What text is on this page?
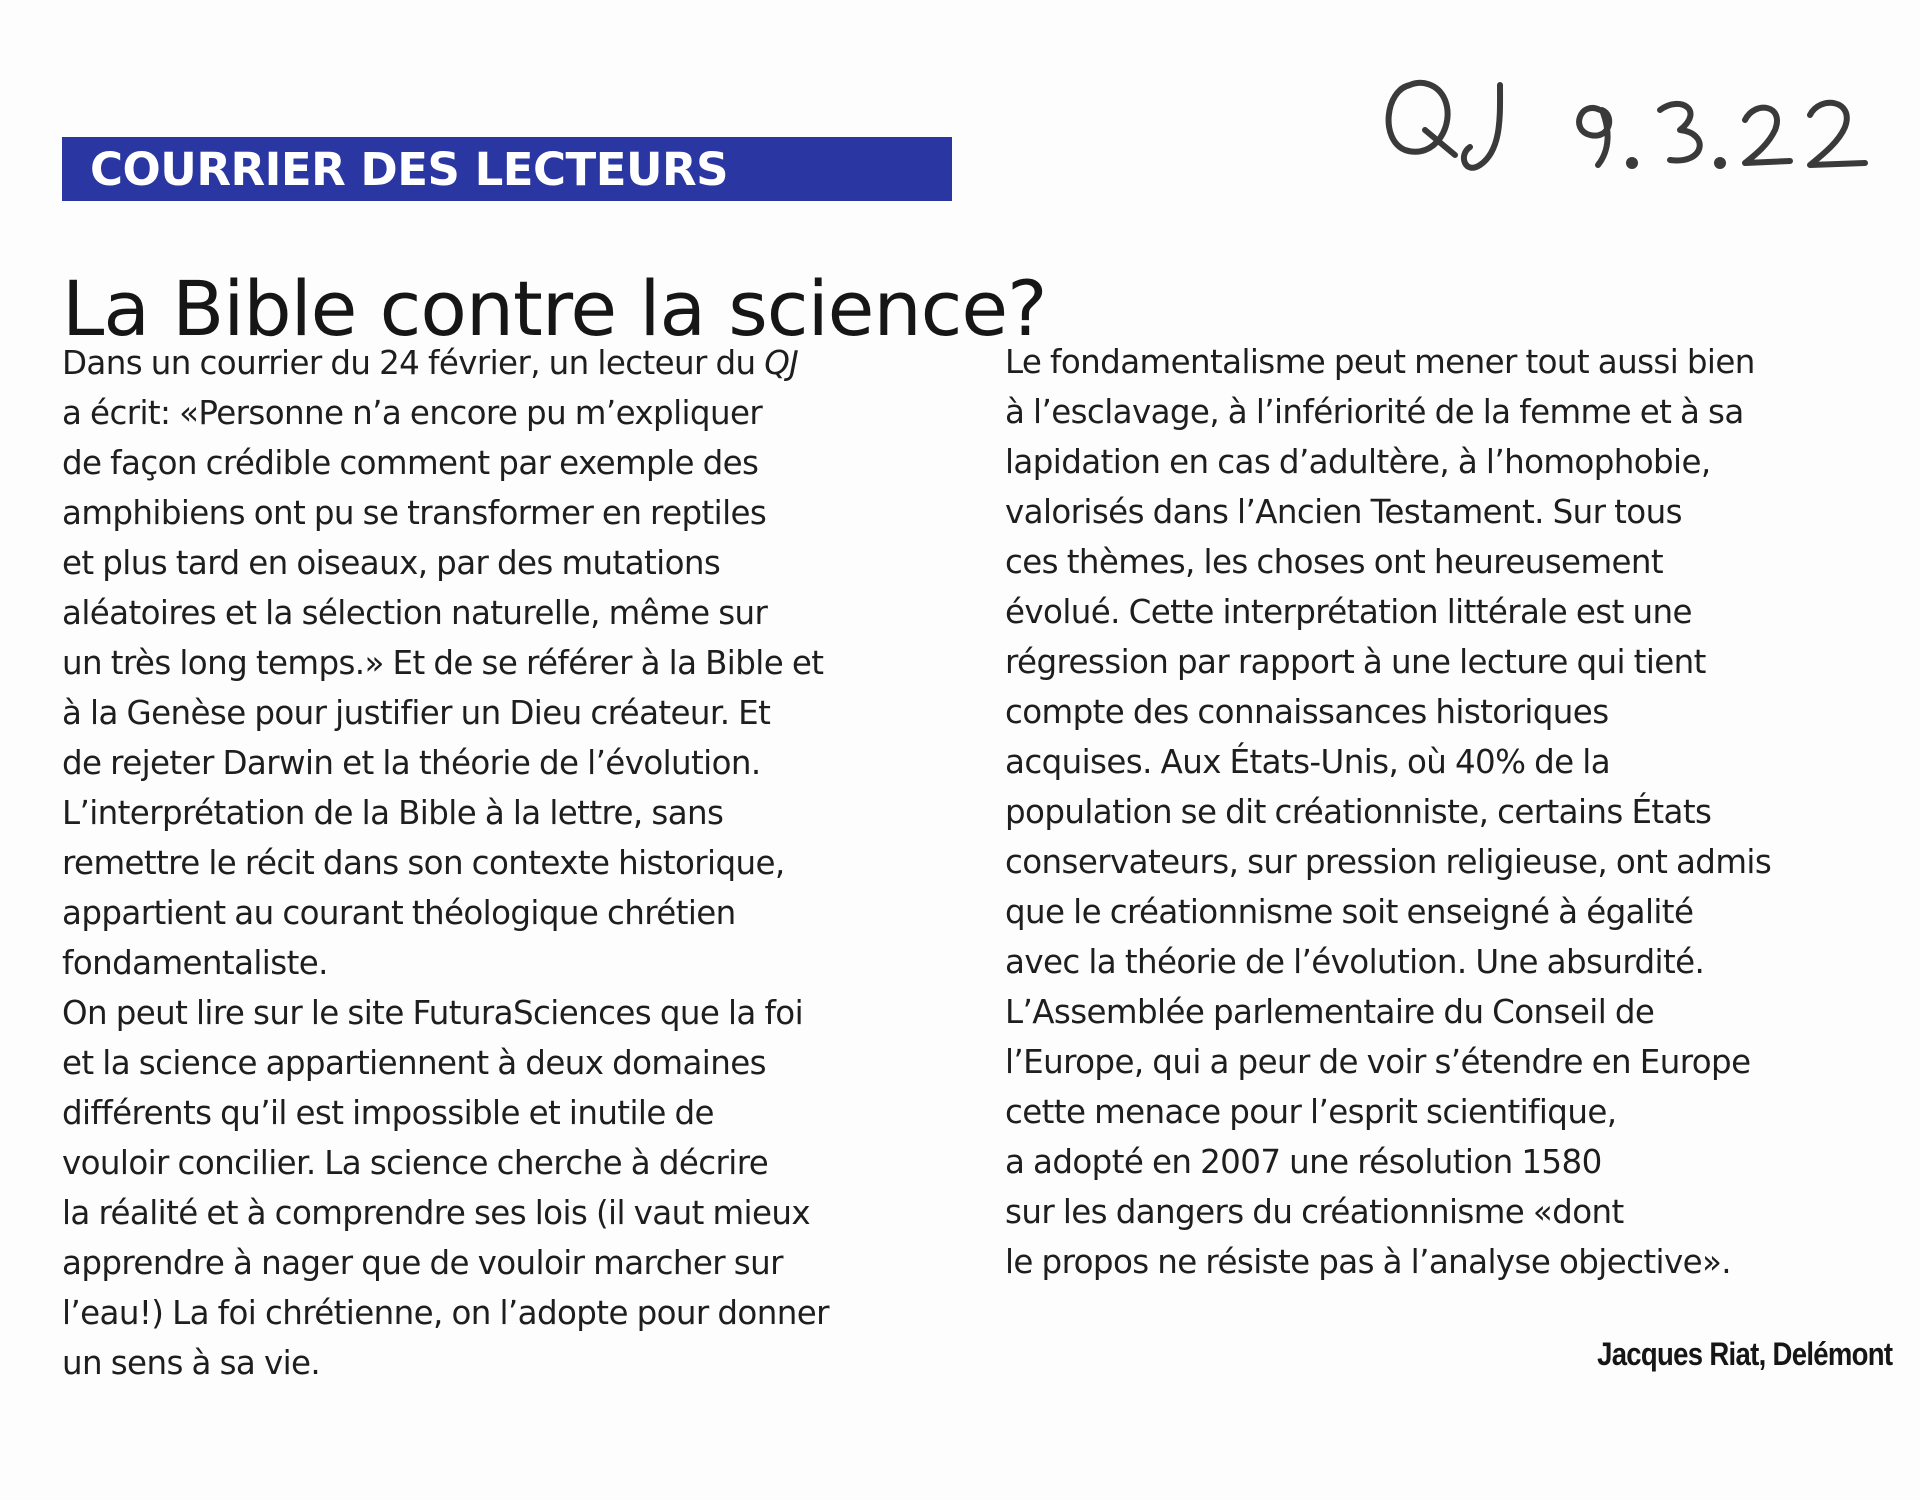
COURRIER DES LECTEURS
La Bible contre la science?
Dans un courrier du 24 février, un lecteur du QJ
a écrit: «Personne n’a encore pu m’expliquer
de façon crédible comment par exemple des
amphibiens ont pu se transformer en reptiles
et plus tard en oiseaux, par des mutations
aléatoires et la sélection naturelle, même sur
un très long temps.» Et de se référer à la Bible et
à la Genèse pour justifier un Dieu créateur. Et
de rejeter Darwin et la théorie de l’évolution.
L’interprétation de la Bible à la lettre, sans
remettre le récit dans son contexte historique,
appartient au courant théologique chrétien
fondamentaliste.
On peut lire sur le site FuturaSciences que la foi
et la science appartiennent à deux domaines
différents qu’il est impossible et inutile de
vouloir concilier. La science cherche à décrire
la réalité et à comprendre ses lois (il vaut mieux
apprendre à nager que de vouloir marcher sur
l’eau!) La foi chrétienne, on l’adopte pour donner
un sens à sa vie.
Le fondamentalisme peut mener tout aussi bien
à l’esclavage, à l’infériorité de la femme et à sa
lapidation en cas d’adultère, à l’homophobie,
valorisés dans l’Ancien Testament. Sur tous
ces thèmes, les choses ont heureusement
évolué. Cette interprétation littérale est une
régression par rapport à une lecture qui tient
compte des connaissances historiques
acquises. Aux États-Unis, où 40% de la
population se dit créationniste, certains États
conservateurs, sur pression religieuse, ont admis
que le créationnisme soit enseigné à égalité
avec la théorie de l’évolution. Une absurdité.
L’Assemblée parlementaire du Conseil de
l’Europe, qui a peur de voir s’étendre en Europe
cette menace pour l’esprit scientifique,
a adopté en 2007 une résolution 1580
sur les dangers du créationnisme «dont
le propos ne résiste pas à l’analyse objective».
Jacques Riat, Delémont
